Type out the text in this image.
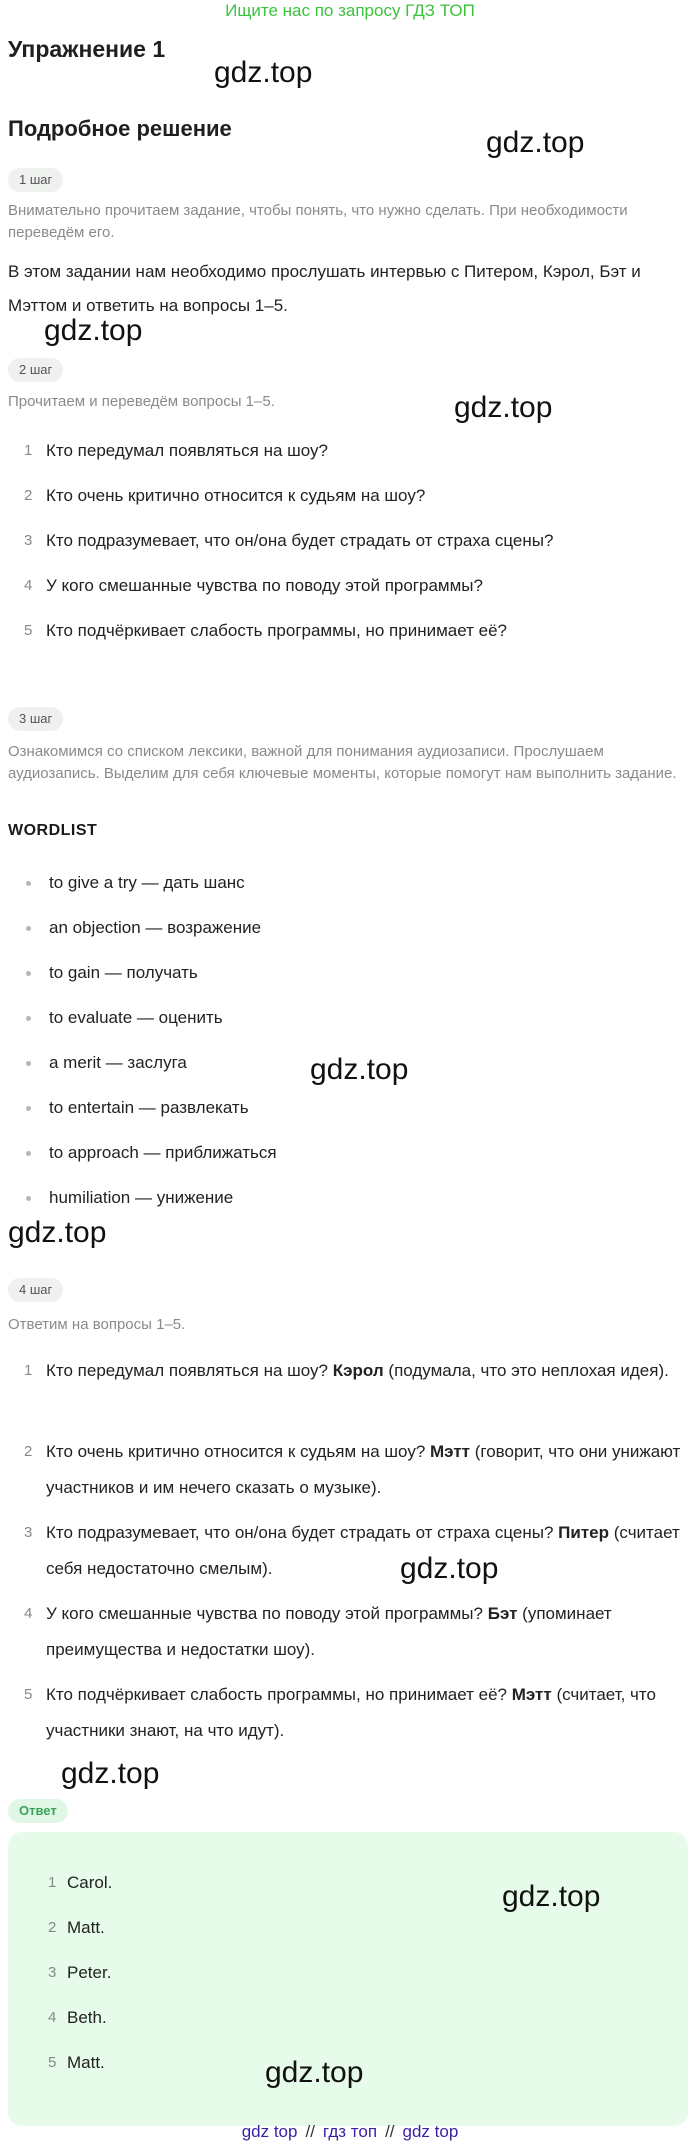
Ищите нас по запросу ГДЗ ТОП
Упражнение 1
gdz.top
Подробное решение	gdz.top
1 шаг
Внимательно прочитаем задание, чтобы понять, что нужно сделать. При необходимости переведём его.
В этом задании нам необходимо прослушать интервью с Питером, Кэрол, Бэт и Мэттом и ответить на вопросы 1–5.
gdz.top
2 шаг
Прочитаем и переведём вопросы 1–5.	gdz.top
1 Кто передумал появляться на шоу?
2 Кто очень критично относится к судьям на шоу?
3 Кто подразумевает, что он/она будет страдать от страха сцены?
4 У кого смешанные чувства по поводу этой программы?
5 Кто подчёркивает слабость программы, но принимает её?
3 шаг
Ознакомимся со списком лексики, важной для понимания аудиозаписи. Прослушаем аудиозапись. Выделим для себя ключевые моменты, которые помогут нам выполнить задание.
WORDLIST
to give a try — дать шанс
an objection — возражение
to gain — получать
to evaluate — оценить
a merit — заслуга
to entertain — развлекать
to approach — приближаться
humiliation — унижение
gdz.top
gdz.top
4 шаг
Ответим на вопросы 1–5.
1 Кто передумал появляться на шоу? Кэрол (подумала, что это неплохая идея).
2 Кто очень критично относится к судьям на шоу? Мэтт (говорит, что они унижают участников и им нечего сказать о музыке).
3 Кто подразумевает, что он/она будет страдать от страха сцены? Питер (считает себя недостаточно смелым).
4 У кого смешанные чувства по поводу этой программы? Бэт (упоминает преимущества и недостатки шоу).
5 Кто подчёркивает слабость программы, но принимает её? Мэтт (считает, что участники знают, на что идут).
gdz.top
gdz.top
Ответ
1 Carol.
2 Matt.
3 Peter.
4 Beth.
5 Matt.
gdz.top
gdz.top
gdz top // гдз топ // gdz top
